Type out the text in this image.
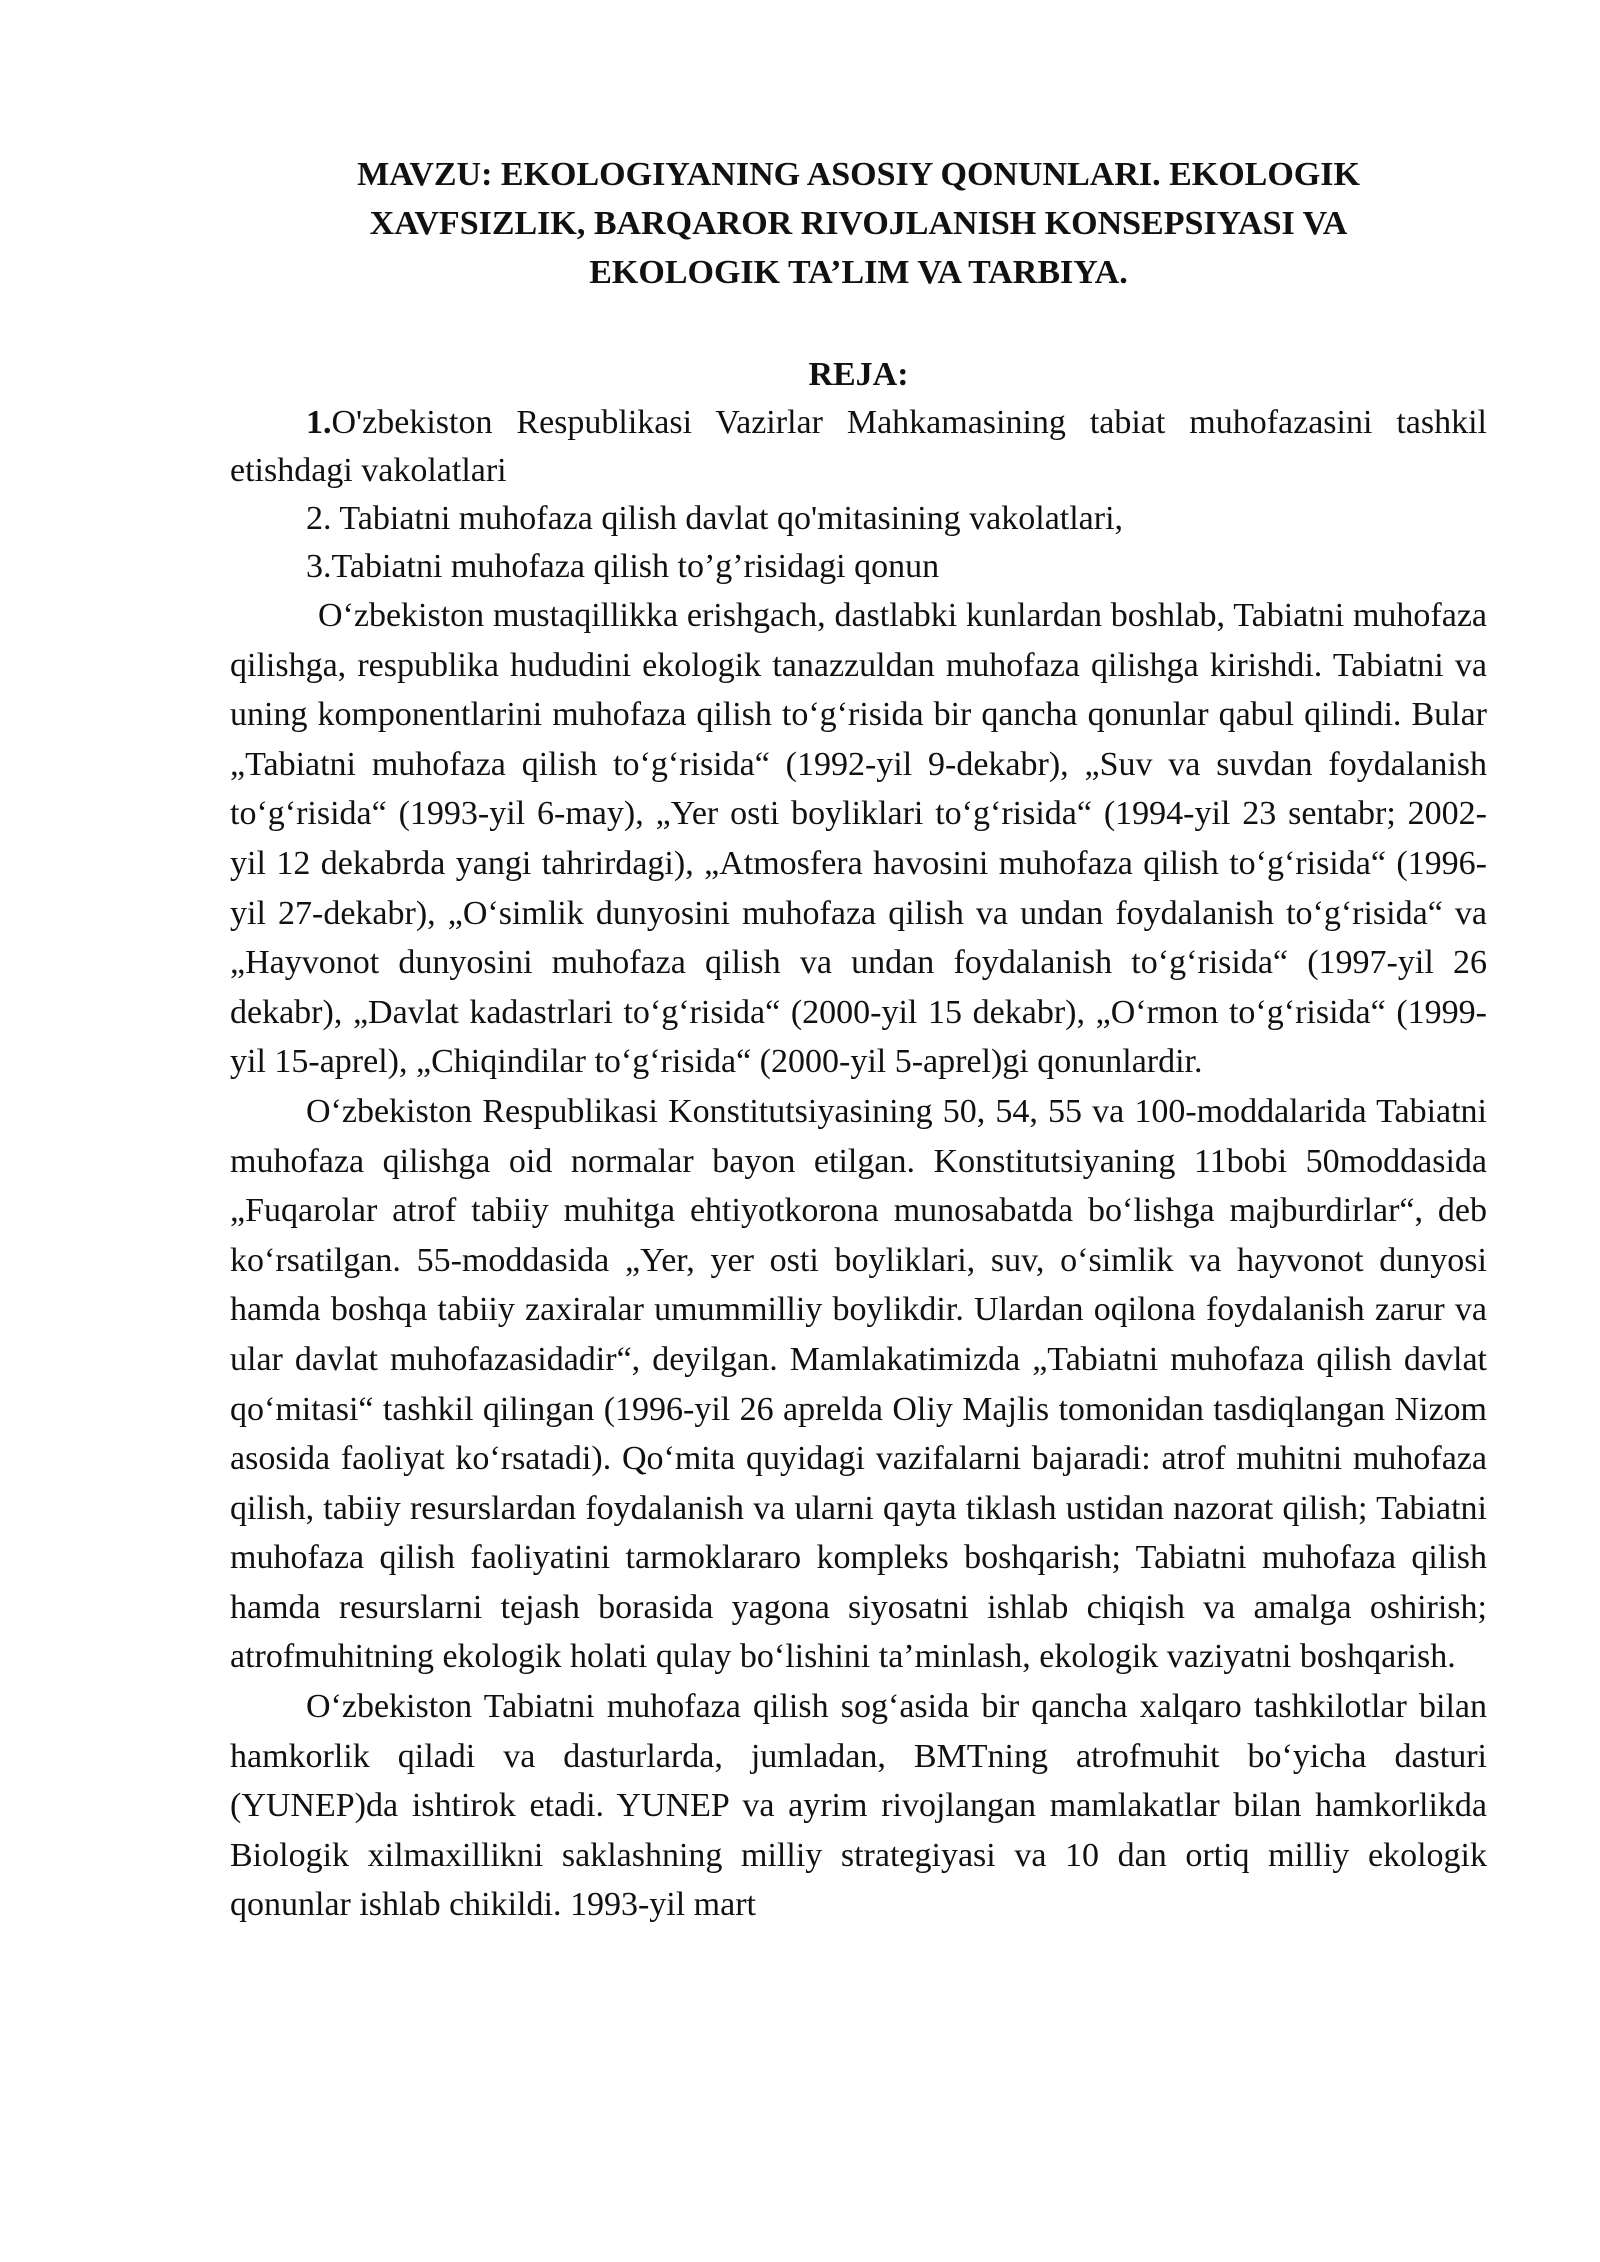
MAVZU: EKOLOGIYANING ASOSIY QONUNLARI. EKOLOGIK
XAVFSIZLIK, BARQAROR RIVOJLANISH KONSEPSIYASI VA
EKOLOGIK TA’LIM VA TARBIYA.
REJA:
1.O'zbekiston Respublikasi Vazirlar Mahkamasining tabiat muhofazasini tashkil etishdagi vakolatlari
2. Tabiatni muhofaza qilish davlat qo'mitasining vakolatlari,
3.Tabiatni muhofaza qilish to’g’risidagi qonun

O‘zbekiston mustaqillikka erishgach, dastlabki kunlardan boshlab, Tabiatni muhofaza qilishga, respublika hududini ekologik tanazzuldan muhofaza qilishga kirishdi. Tabiatni va uning komponentlarini muhofaza qilish to‘g‘risida bir qancha qonunlar qabul qilindi. Bular „Tabiatni muhofaza qilish to‘g‘risida“ (1992-yil 9-dekabr), „Suv va suvdan foydalanish to‘g‘risida“ (1993-yil 6-may), „Yer osti boyliklari to‘g‘risida“ (1994-yil 23 sentabr; 2002-yil 12 dekabrda yangi tahrirdagi), „Atmosfera havosini muhofaza qilish to‘g‘risida“ (1996-yil 27-dekabr), „O‘simlik dunyosini muhofaza qilish va undan foydalanish to‘g‘risida“ va „Hayvonot dunyosini muhofaza qilish va undan foydalanish to‘g‘risida“ (1997-yil 26 dekabr), „Davlat kadastrlari to‘g‘risida“ (2000-yil 15 dekabr), „O‘rmon to‘g‘risida“ (1999-yil 15-aprel), „Chiqindilar to‘g‘risida“ (2000-yil 5-aprel)gi qonunlardir.

O‘zbekiston Respublikasi Konstitutsiyasining 50, 54, 55 va 100-moddalarida Tabiatni muhofaza qilishga oid normalar bayon etilgan. Konstitutsiyaning 11bobi 50moddasida „Fuqarolar atrof tabiiy muhitga ehtiyotkorona munosabatda bo‘lishga majburdirlar“, deb ko‘rsatilgan. 55-moddasida „Yer, yer osti boyliklari, suv, o‘simlik va hayvonot dunyosi hamda boshqa tabiiy zaxiralar umummilliy boylikdir. Ulardan oqilona foydalanish zarur va ular davlat muhofazasidadir“, deyilgan. Mamlakatimizda „Tabiatni muhofaza qilish davlat qo‘mitasi“ tashkil qilingan (1996-yil 26 aprelda Oliy Majlis tomonidan tasdiqlangan Nizom asosida faoliyat ko‘rsatadi). Qo‘mita quyidagi vazifalarni bajaradi: atrof muhitni muhofaza qilish, tabiiy resurslardan foydalanish va ularni qayta tiklash ustidan nazorat qilish; Tabiatni muhofaza qilish faoliyatini tarmoklararo kompleks boshqarish; Tabiatni muhofaza qilish hamda resurslarni tejash borasida yagona siyosatni ishlab chiqish va amalga oshirish; atrofmuhitning ekologik holati qulay bo‘lishini ta’minlash, ekologik vaziyatni boshqarish.

O‘zbekiston Tabiatni muhofaza qilish sog‘asida bir qancha xalqaro tashkilotlar bilan hamkorlik qiladi va dasturlarda, jumladan, BMTning atrofmuhit bo‘yicha dasturi (YUNEP)da ishtirok etadi. YUNEP va ayrim rivojlangan mamlakatlar bilan hamkorlikda Biologik xilmaxillikni saklashning milliy strategiyasi va 10 dan ortiq milliy ekologik qonunlar ishlab chikildi. 1993-yil mart
